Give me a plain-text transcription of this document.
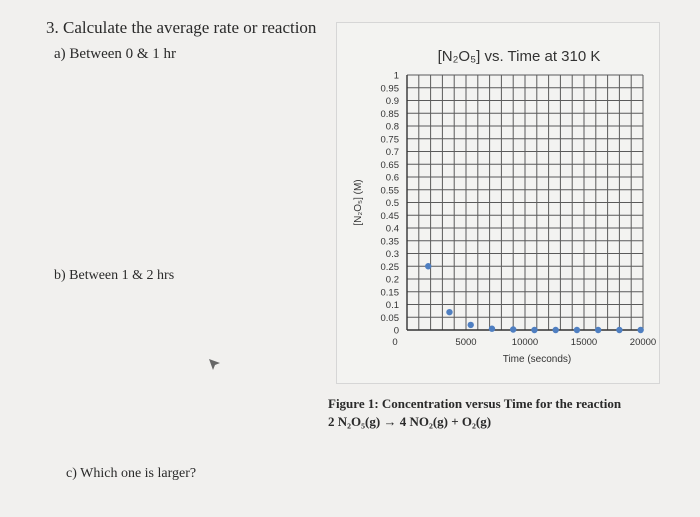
3. Calculate the average rate or reaction
a) Between 0 & 1 hr
b) Between 1 & 2 hrs
c) Which one is larger?
[N₂O₅] vs. Time at 310 K
0
0.05
0.1
0.15
0.2
0.25
0.3
0.35
0.4
0.45
0.5
0.55
0.6
0.65
0.7
0.75
0.8
0.85
0.9
0.95
1
0	5000	10000	15000	20000
Time (seconds)
[N₂O₅] (M)
Figure 1: Concentration versus Time for the reaction
2 N₂O₅(g) → 4 NO₂(g) + O₂(g)
